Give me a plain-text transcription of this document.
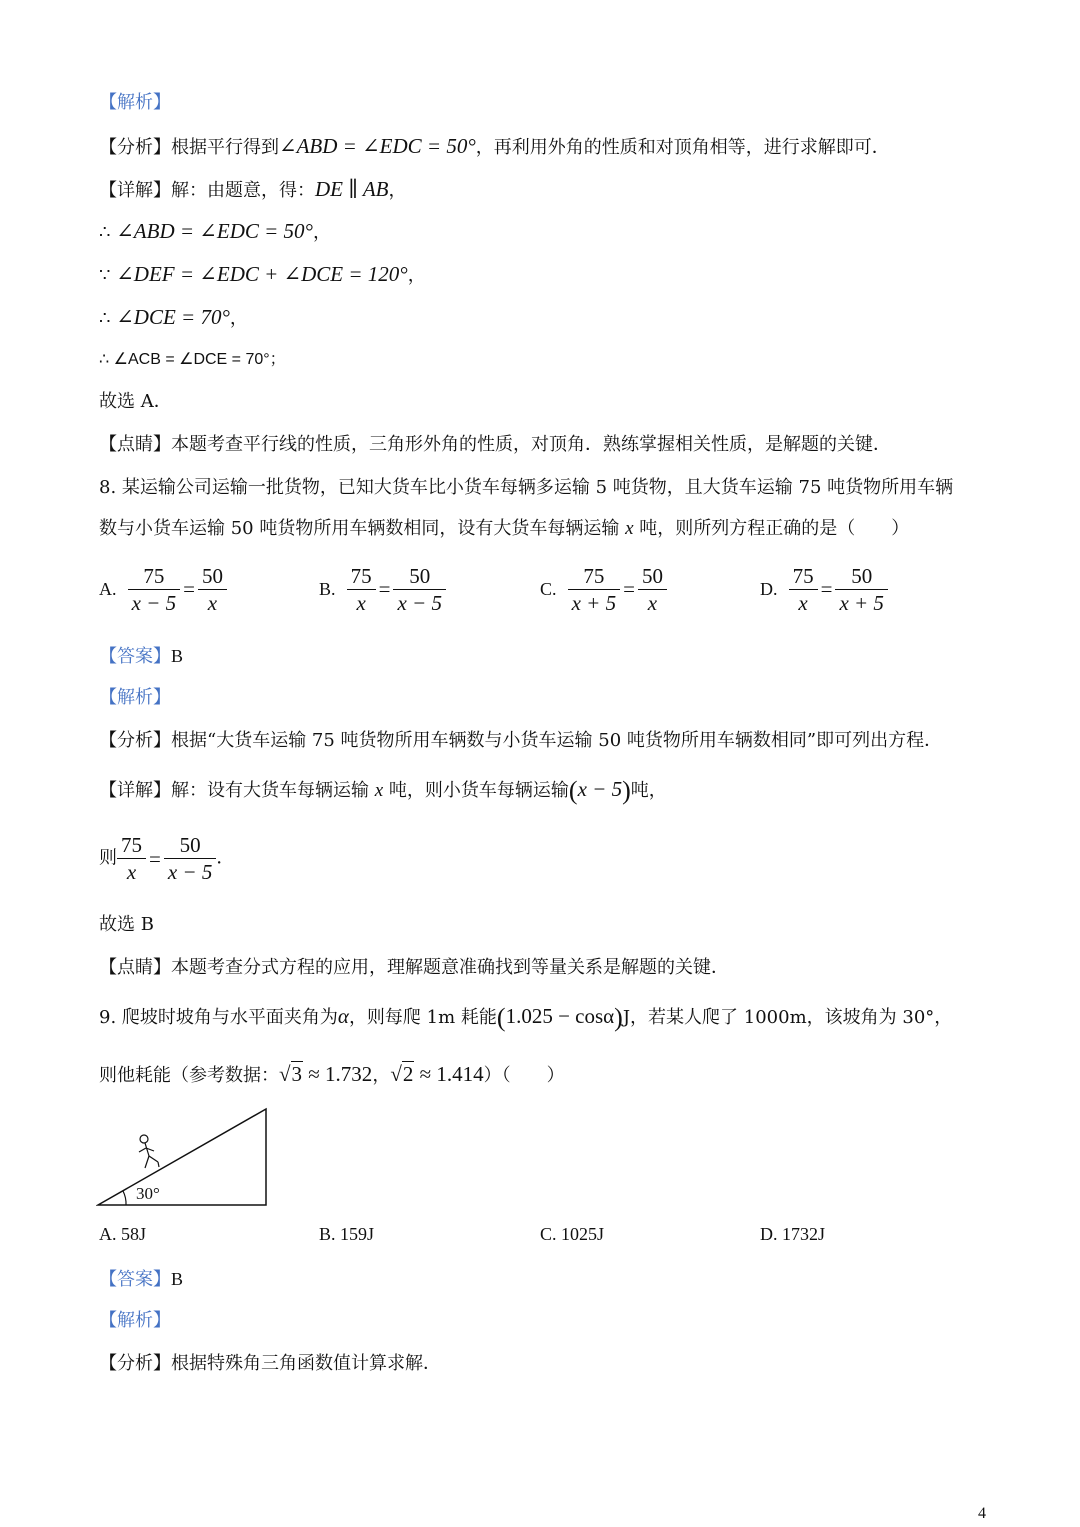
【解析】
【分析】根据平行得到∠ABD = ∠EDC = 50°，再利用外角的性质和对顶角相等，进行求解即可．
【详解】解：由题意，得：DE ∥ AB，
∴ ∠ABD = ∠EDC = 50°，
∵ ∠DEF = ∠EDC + ∠DCE = 120°，
∴ ∠DCE = 70°，
∴ ∠ACB = ∠DCE = 70°；
故选 A．
【点睛】本题考查平行线的性质，三角形外角的性质，对顶角．熟练掌握相关性质，是解题的关键．
8. 某运输公司运输一批货物，已知大货车比小货车每辆多运输 5 吨货物，且大货车运输 75 吨货物所用车辆
数与小货车运输 50 吨货物所用车辆数相同，设有大货车每辆运输 x 吨，则所列方程正确的是（　　）
A. $\frac{75}{x - 5} = \frac{50}{x}$	B. $\frac{75}{x} = \frac{50}{x - 5}$	C. $\frac{75}{x + 5} = \frac{50}{x}$	D. $\frac{75}{x} = \frac{50}{x + 5}$
【答案】B
【解析】
【分析】根据“大货车运输 75 吨货物所用车辆数与小货车运输 50 吨货物所用车辆数相同”即可列出方程．
【详解】解：设有大货车每辆运输 x 吨，则小货车每辆运输(x − 5)吨，
则 $\frac{75}{x} = \frac{50}{x - 5}$ ．
故选 B
【点睛】本题考查分式方程的应用，理解题意准确找到等量关系是解题的关键．
9. 爬坡时坡角与水平面夹角为α，则每爬 1m 耗能(1.025 − cosα)J，若某人爬了 1000m，该坡角为 30°，
则他耗能（参考数据：√3 ≈ 1.732，√2 ≈ 1.414）（　　）
30°
A. 58J	B. 159J	C. 1025J	D. 1732J
【答案】B
【解析】
【分析】根据特殊角三角函数值计算求解．
4
